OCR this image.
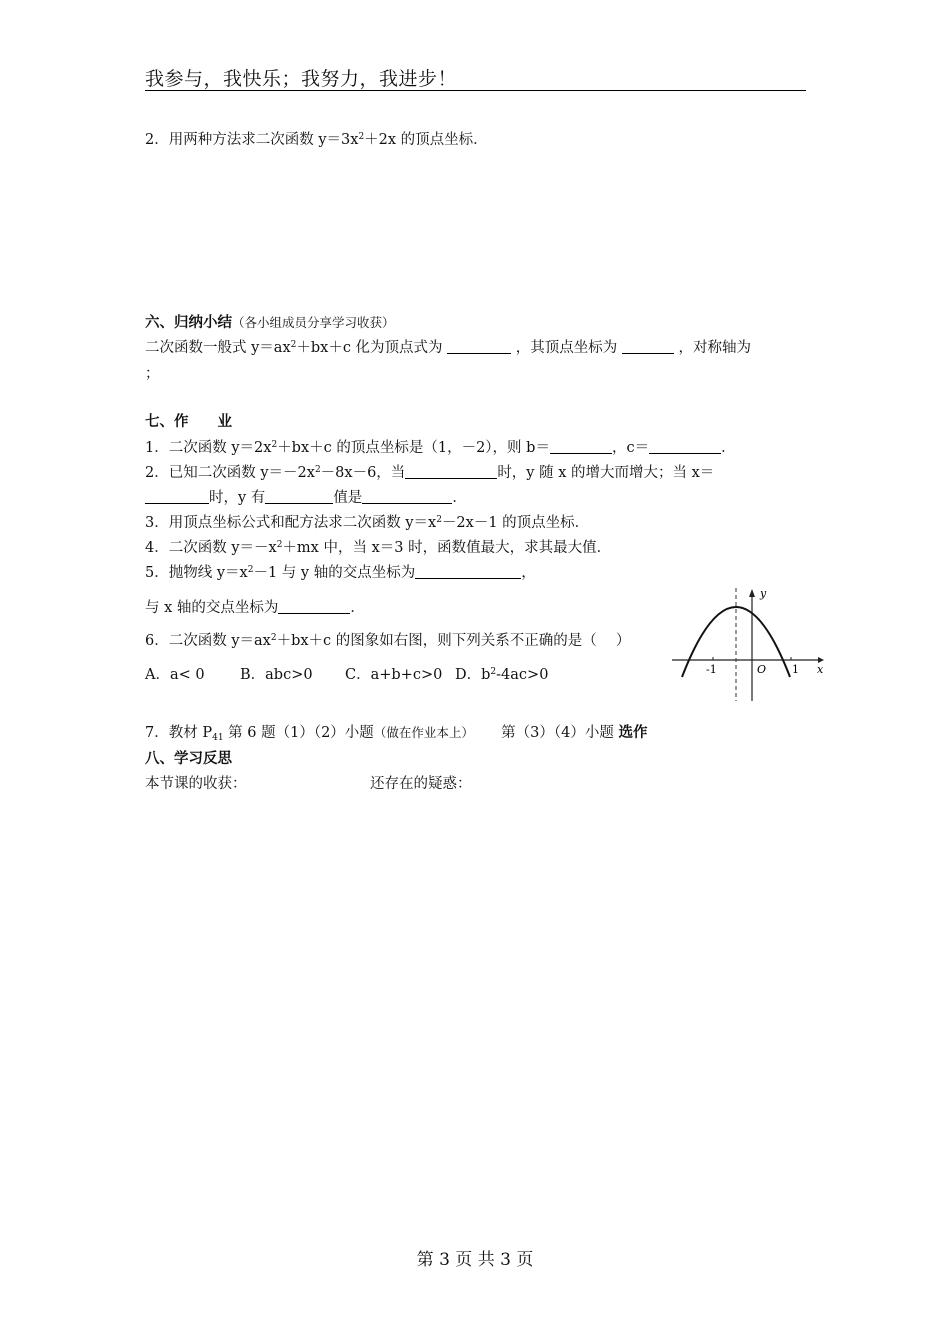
我参与，我快乐；我努力，我进步！
2．用两种方法求二次函数 $y=3x^2+2x$ 的顶点坐标．
六、归纳小结（各小组成员分享学习收获）
二次函数一般式 $y=ax^2+bx+c$ 化为顶点式为	，其顶点坐标为	，对称轴为
；
七、作　　业
1．二次函数 $y=2x^2+bx+c$ 的顶点坐标是（1，－2），则 b＝	，c＝	．
2．已知二次函数 $y=-2x^2-8x-6$，当	时，y 随 x 的增大而增大；当 x＝
时，y 有	值是	．
3．用顶点坐标公式和配方法求二次函数 $y=x^2-2x-1$ 的顶点坐标．
4．二次函数 $y=-x^2+mx$ 中，当 x＝3 时，函数值最大，求其最大值．
5．抛物线 $y=x^2-1$ 与 y 轴的交点坐标为	，
与 x 轴的交点坐标为	．
6．二次函数 $y=ax^2+bx+c$ 的图象如右图，则下列关系不正确的是（　 ）
A．a< 0 B．abc>0 C．a+b+c>0 D．$b^2-4ac>0$
y
x
-1	O 1
7．教材 $P_{41}$ 第 6 题（1）（2）小题（做在作业本上）　　 第（3）（4）小题 选作
八、学习反思
本节课的收获：	还存在的疑惑：
第 3 页 共 3 页
